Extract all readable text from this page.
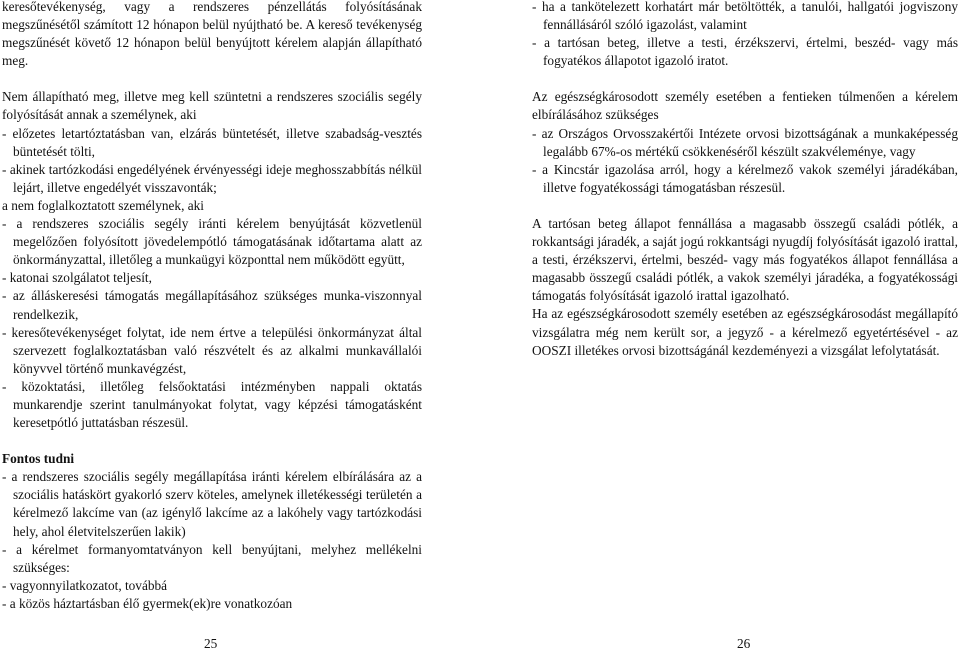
keresőtevékenység, vagy a rendszeres pénzellátás folyósításának megszűnésétől számított 12 hónapon belül nyújtható be. A kereső tevékenység megszűnését követő 12 hónapon belül benyújtott kérelem alapján állapítható meg.

Nem állapítható meg, illetve meg kell szüntetni a rendszeres szociális segély folyósítását annak a személynek, aki

- előzetes letartóztatásban van, elzárás büntetését, illetve szabadság-vesztés büntetését tölti,
- akinek tartózkodási engedélyének érvényességi ideje meghosszabbítás nélkül lejárt, illetve engedélyét visszavonták;

a nem foglalkoztatott személynek, aki

- a rendszeres szociális segély iránti kérelem benyújtását közvetlenül megelőzően folyósított jövedelempótló támogatásának időtartama alatt az önkormányzattal, illetőleg a munkaügyi központtal nem működött együtt,
- katonai szolgálatot teljesít,
- az álláskeresési támogatás megállapításához szükséges munka-viszonnyal rendelkezik,
- keresőtevékenységet folytat, ide nem értve a települési önkormányzat által szervezett foglalkoztatásban való részvételt és az alkalmi munkavállalói könyvvel történő munkavégzést,
- közoktatási, illetőleg felsőoktatási intézményben nappali oktatás munkarendje szerint tanulmányokat folytat, vagy képzési támogatásként keresetpótló juttatásban részesül.

Fontos tudni

- a rendszeres szociális segély megállapítása iránti kérelem elbírálására az a szociális hatáskört gyakorló szerv köteles, amelynek illetékességi területén a kérelmező lakcíme van (az igénylő lakcíme az a lakóhely vagy tartózkodási hely, ahol életvitelszerűen lakik)
- a kérelmet formanyomtatványon kell benyújtani, melyhez mellékelni szükséges:
- vagyonnyilatkozatot, továbbá
- a közös háztartásban élő gyermek(ek)re vonatkozóan
- ha a tankötelezett korhatárt már betöltötték, a tanulói, hallgatói jogviszony fennállásáról szóló igazolást, valamint
- a tartósan beteg, illetve a testi, érzékszervi, értelmi, beszéd- vagy más fogyatékos állapotot igazoló iratot.

Az egészségkárosodott személy esetében a fentieken túlmenően a kérelem elbírálásához szükséges

- az Országos Orvosszakértői Intézete orvosi bizottságának a munkaképesség legalább 67%-os mértékű csökkenéséről készült szakvéleménye, vagy
- a Kincstár igazolása arról, hogy a kérelmező vakok személyi járadékában, illetve fogyatékossági támogatásban részesül.

A tartósan beteg állapot fennállása a magasabb összegű családi pótlék, a rokkantsági járadék, a saját jogú rokkantsági nyugdíj folyósítását igazoló irattal, a testi, érzékszervi, értelmi, beszéd- vagy más fogyatékos állapot fennállása a magasabb összegű családi pótlék, a vakok személyi járadéka, a fogyatékossági támogatás folyósítását igazoló irattal igazolható.

Ha az egészségkárosodott személy esetében az egészségkárosodást megállapító vizsgálatra még nem került sor, a jegyző - a kérelmező egyetértésével - az OOSZI illetékes orvosi bizottságánál kezdeményezi a vizsgálat lefolytatását.

25	26
